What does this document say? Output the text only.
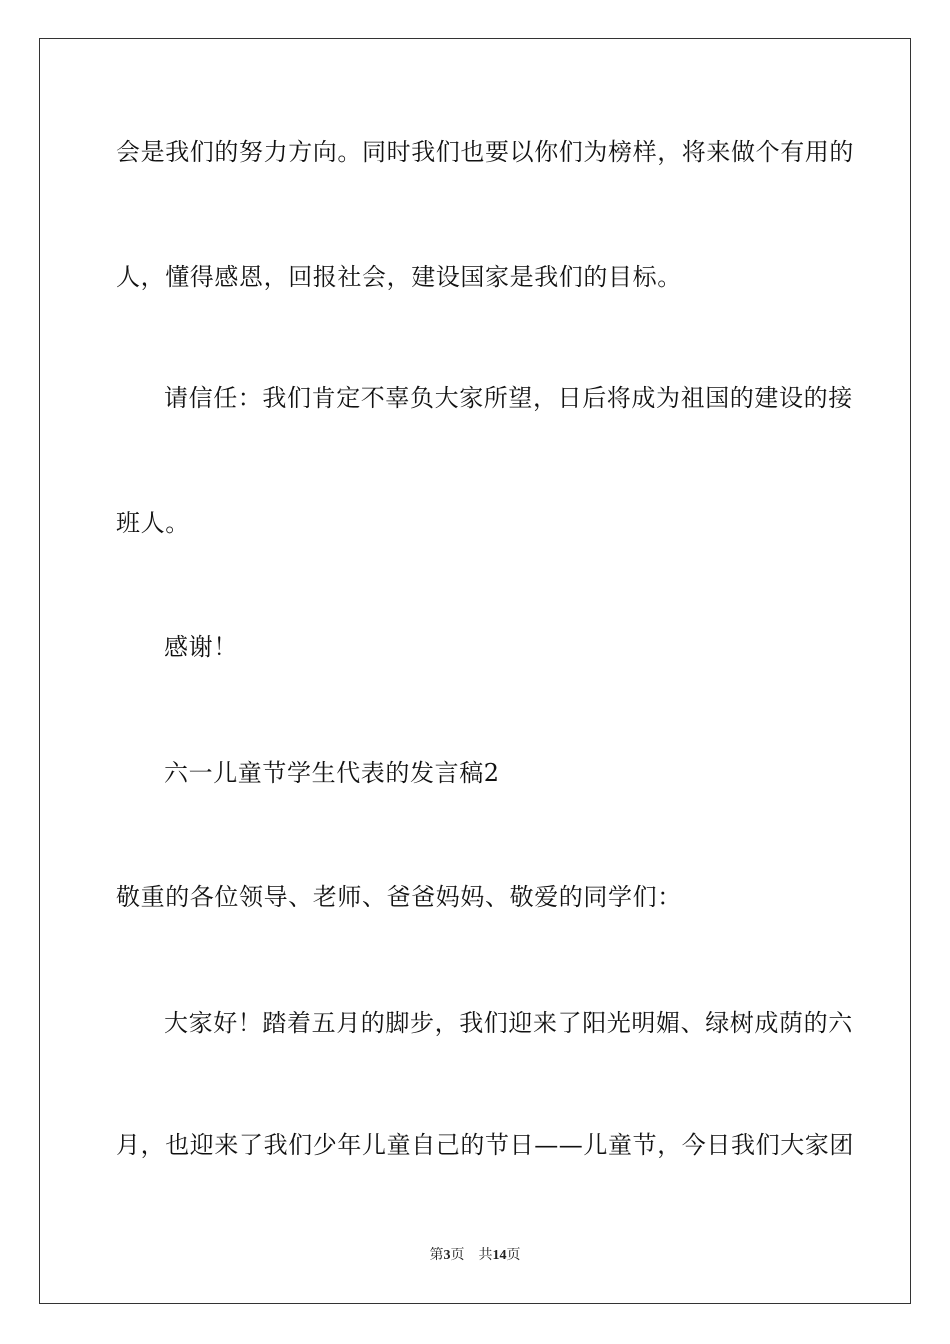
会是我们的努力方向。同时我们也要以你们为榜样，将来做个有用的
人，懂得感恩，回报社会，建设国家是我们的目标。
请信任：我们肯定不辜负大家所望，日后将成为祖国的建设的接
班人。
感谢！
六一儿童节学生代表的发言稿2
敬重的各位领导、老师、爸爸妈妈、敬爱的同学们：
大家好！踏着五月的脚步，我们迎来了阳光明媚、绿树成荫的六
月，也迎来了我们少年儿童自己的节日——儿童节，今日我们大家团
第3页 共14页
